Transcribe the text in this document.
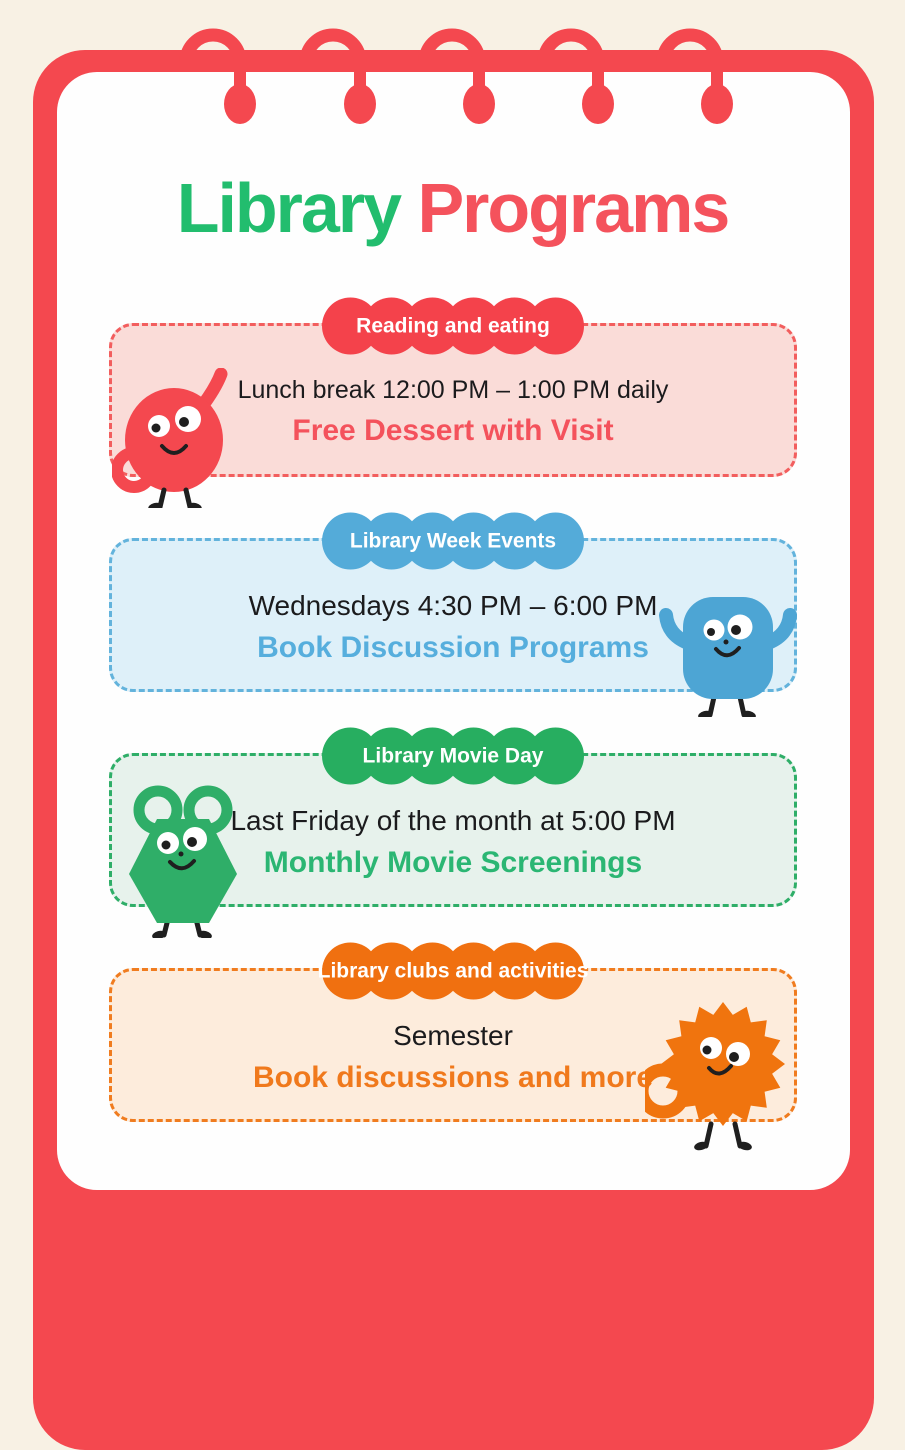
Library Programs
Reading and eating
Lunch break 12:00 PM – 1:00 PM daily
Free Dessert with Visit
Library Week Events
Wednesdays 4:30 PM – 6:00 PM
Book Discussion Programs
Library Movie Day
Last Friday of the month at 5:00 PM
Monthly Movie Screenings
Library clubs and activities
Semester
Book discussions and more
